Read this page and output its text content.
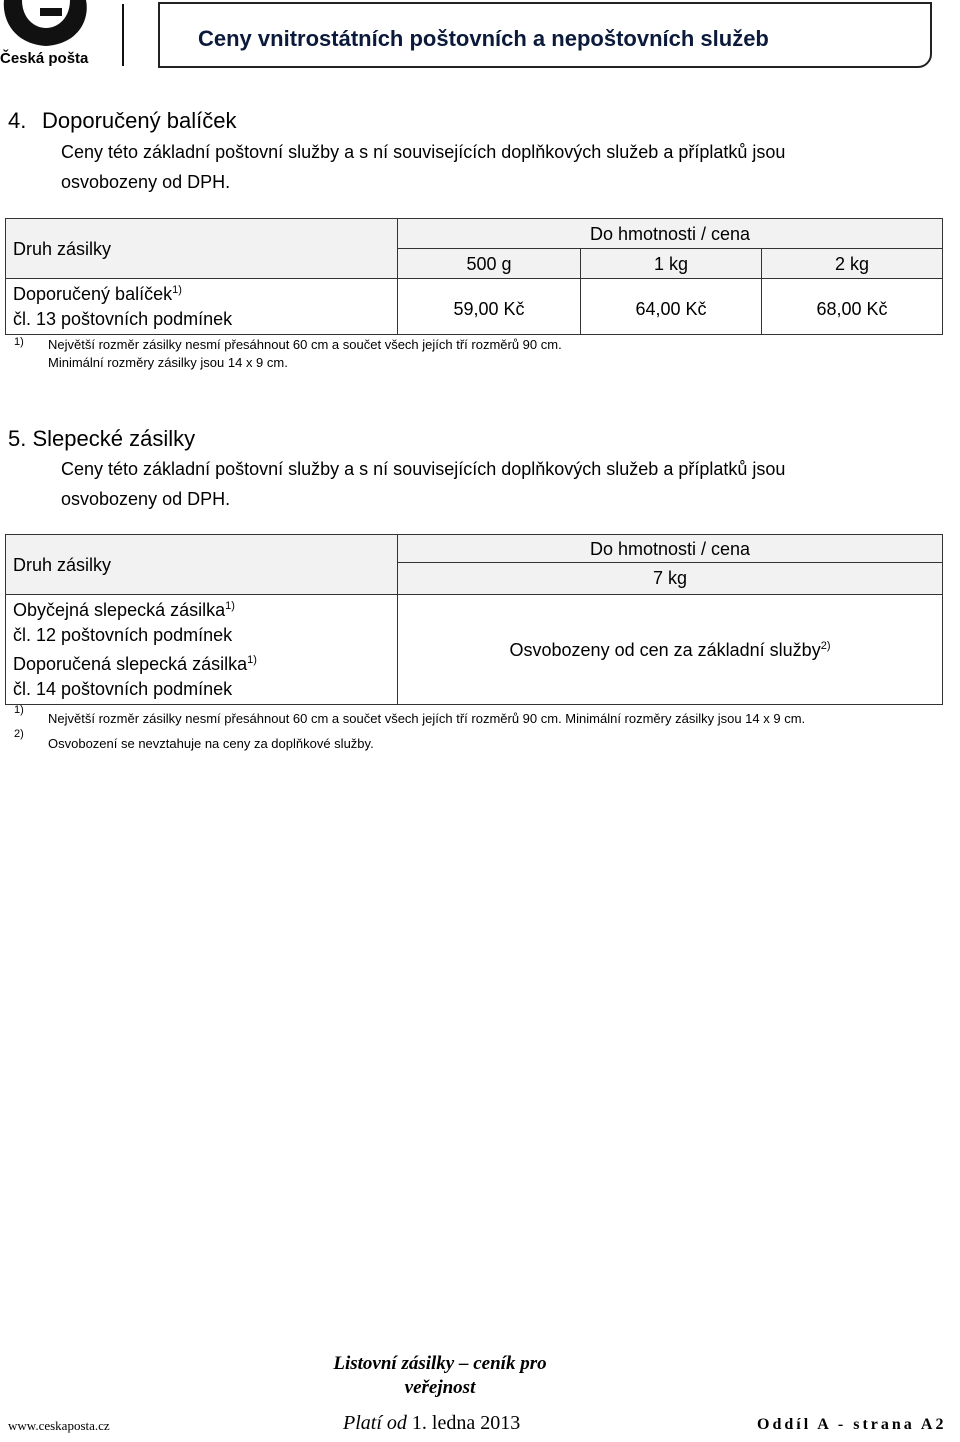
Česká pošta
Ceny vnitrostátních poštovních a nepoštovních služeb
4. Doporučený balíček
Ceny této základní poštovní služby a s ní souvisejících doplňkových služeb a příplatků jsou
osvobozeny od DPH.
Druh zásilky
Do hmotnosti / cena
500 g	1 kg	2 kg
Doporučený balíček$^{1)}$
čl. 13 poštovních podmínek	59,00 Kč	64,00 Kč	68,00 Kč
1) Největší rozměr zásilky nesmí přesáhnout 60 cm a součet všech jejích tří rozměrů 90 cm.
Minimální rozměry zásilky jsou 14 x 9 cm.
5. Slepecké zásilky
Ceny této základní poštovní služby a s ní souvisejících doplňkových služeb a příplatků jsou
osvobozeny od DPH.
Druh zásilky
Do hmotnosti / cena
7 kg
Obyčejná slepecká zásilka$^{1)}$
čl. 12 poštovních podmínek
Doporučená slepecká zásilka$^{1)}$
čl. 14 poštovních podmínek
Osvobozeny od cen za základní služby$^{2)}$
1)
Největší rozměr zásilky nesmí přesáhnout 60 cm a součet všech jejích tří rozměrů 90 cm. Minimální rozměry zásilky jsou 14 x 9 cm.
2)
Osvobození se nevztahuje na ceny za doplňkové služby.
Listovní zásilky – ceník pro
veřejnost
www.ceskaposta.cz	Platí od 1. ledna 2013	Oddíl A - strana A2
